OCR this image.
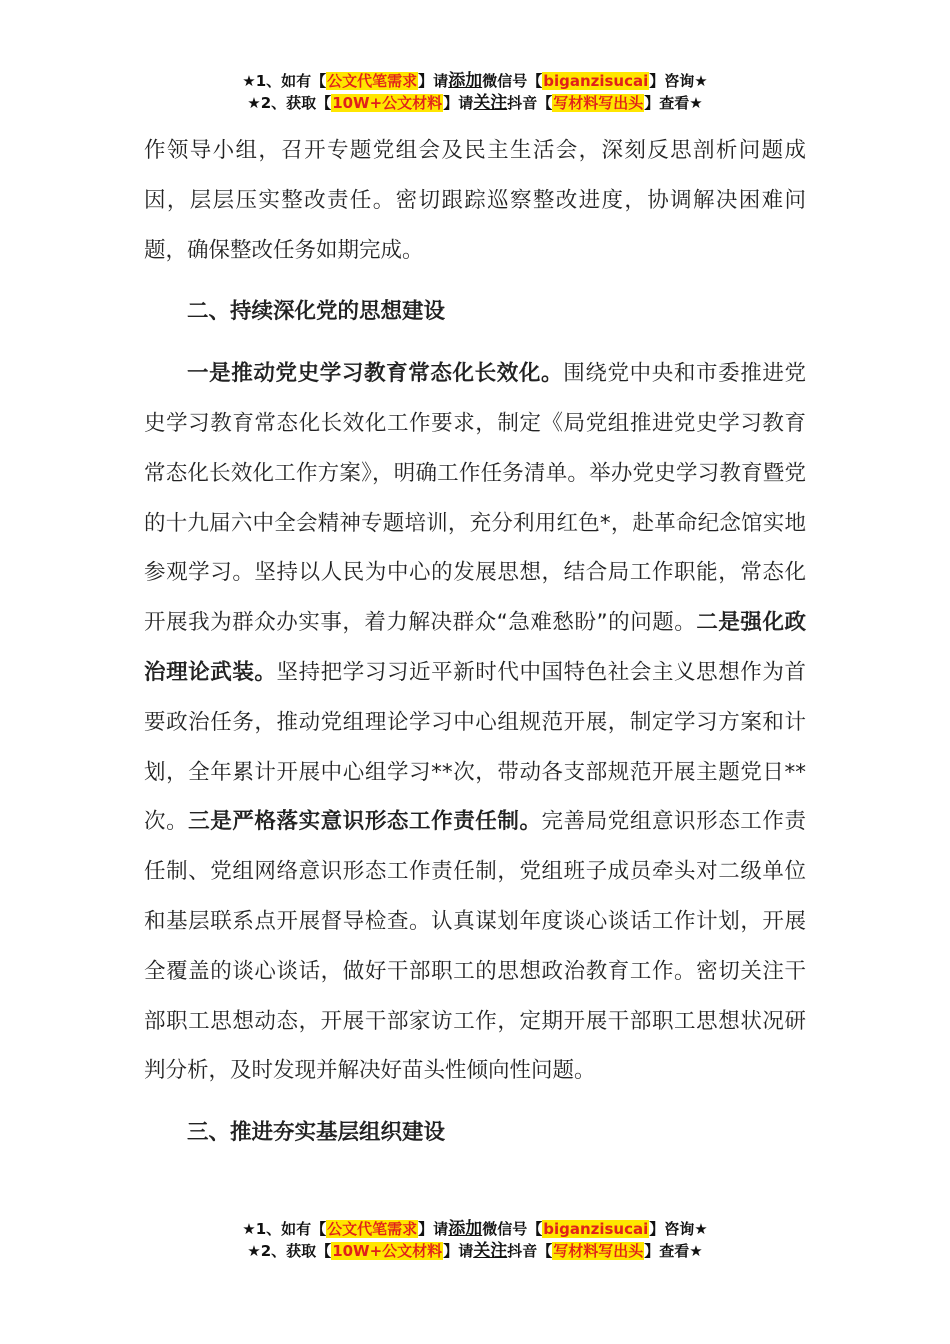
★1、如有【公文代笔需求】请添加微信号【biganzisucai】咨询★
★2、获取【10W+公文材料】请关注抖音【写材料写出头】查看★

作领导小组，召开专题党组会及民主生活会，深刻反思剖析问题成因，层层压实整改责任。密切跟踪巡察整改进度，协调解决困难问题，确保整改任务如期完成。

二、持续深化党的思想建设

一是推动党史学习教育常态化长效化。围绕党中央和市委推进党史学习教育常态化长效化工作要求，制定《局党组推进党史学习教育常态化长效化工作方案》，明确工作任务清单。举办党史学习教育暨党的十九届六中全会精神专题培训，充分利用红色*，赴革命纪念馆实地参观学习。坚持以人民为中心的发展思想，结合局工作职能，常态化开展我为群众办实事，着力解决群众“急难愁盼”的问题。二是强化政治理论武装。坚持把学习习近平新时代中国特色社会主义思想作为首要政治任务，推动党组理论学习中心组规范开展，制定学习方案和计划，全年累计开展中心组学习**次，带动各支部规范开展主题党日**次。三是严格落实意识形态工作责任制。完善局党组意识形态工作责任制、党组网络意识形态工作责任制，党组班子成员牵头对二级单位和基层联系点开展督导检查。认真谋划年度谈心谈话工作计划，开展全覆盖的谈心谈话，做好干部职工的思想政治教育工作。密切关注干部职工思想动态，开展干部家访工作，定期开展干部职工思想状况研判分析，及时发现并解决好苗头性倾向性问题。

三、推进夯实基层组织建设

★1、如有【公文代笔需求】请添加微信号【biganzisucai】咨询★
★2、获取【10W+公文材料】请关注抖音【写材料写出头】查看★
